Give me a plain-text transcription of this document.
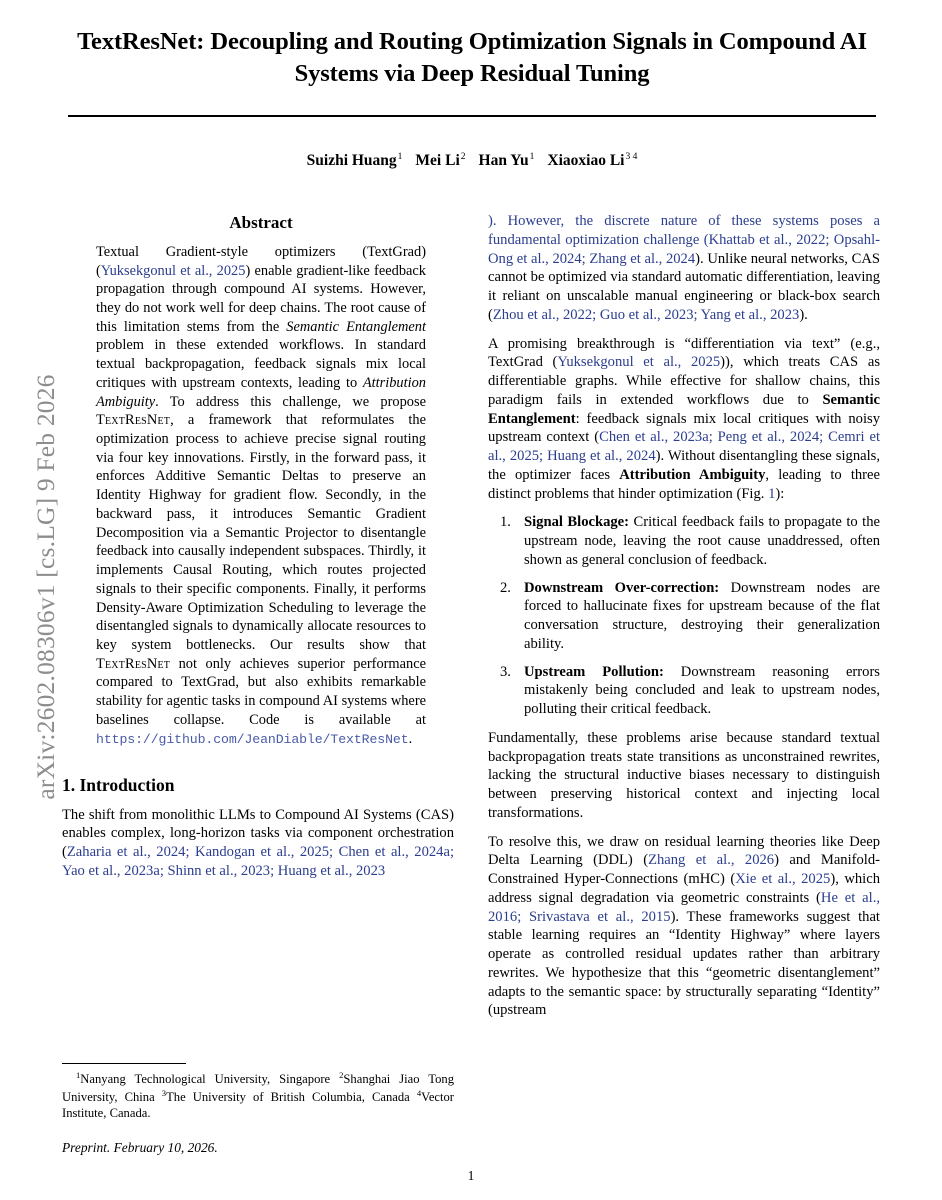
arXiv:2602.08306v1 [cs.LG] 9 Feb 2026
TextResNet: Decoupling and Routing Optimization Signals in Compound AI Systems via Deep Residual Tuning
Suizhi Huang$^1$ Mei Li$^2$ Han Yu$^1$ Xiaoxiao $Li^{3 4}$
Abstract

Textual Gradient-style optimizers (TextGrad) (Yuksekgonul et al., 2025) enable gradient-like feedback propagation through compound AI systems. However, they do not work well for deep chains. The root cause of this limitation stems from the Semantic Entanglement problem in these extended workflows. In standard textual backpropagation, feedback signals mix local critiques with upstream contexts, leading to Attribution Ambiguity. To address this challenge, we propose TextResNet, a framework that reformulates the optimization process to achieve precise signal routing via four key innovations. Firstly, in the forward pass, it enforces Additive Semantic Deltas to preserve an Identity Highway for gradient flow. Secondly, in the backward pass, it introduces Semantic Gradient Decomposition via a Semantic Projector to disentangle feedback into causally independent subspaces. Thirdly, it implements Causal Routing, which routes projected signals to their specific components. Finally, it performs Density-Aware Optimization Scheduling to leverage the disentangled signals to dynamically allocate resources to key system bottlenecks. Our results show that TextResNet not only achieves superior performance compared to TextGrad, but also exhibits remarkable stability for agentic tasks in compound AI systems where baselines collapse. Code is available at https://github.com/JeanDiable/TextResNet.

1. Introduction

The shift from monolithic LLMs to Compound AI Systems (CAS) enables complex, long-horizon tasks via component orchestration (Zaharia et al., 2024; Kandogan et al., 2025; Chen et al., 2024a; Yao et al., 2023a; Shinn et al., 2023; Huang et al., 2023

). However, the discrete nature of these systems poses a fundamental optimization challenge (Khattab et al., 2022; Opsahl-Ong et al., 2024; Zhang et al., 2024). Unlike neural networks, CAS cannot be optimized via standard automatic differentiation, leaving it reliant on unscalable manual engineering or black-box search (Zhou et al., 2022; Guo et al., 2023; Yang et al., 2023).

A promising breakthrough is “differentiation via text” (e.g., TextGrad (Yuksekgonul et al., 2025)), which treats CAS as differentiable graphs. While effective for shallow chains, this paradigm fails in extended workflows due to Semantic Entanglement: feedback signals mix local critiques with noisy upstream context (Chen et al., 2023a; Peng et al., 2024; Cemri et al., 2025; Huang et al., 2024). Without disentangling these signals, the optimizer faces Attribution Ambiguity, leading to three distinct problems that hinder optimization (Fig. 1):

Signal Blockage: Critical feedback fails to propagate to the upstream node, leaving the root cause unaddressed, often shown as general conclusion of feedback.
Downstream Over-correction: Downstream nodes are forced to hallucinate fixes for upstream because of the flat conversation structure, destroying their generalization ability.
Upstream Pollution: Downstream reasoning errors mistakenly being concluded and leak to upstream nodes, polluting their critical feedback.

Fundamentally, these problems arise because standard textual backpropagation treats state transitions as unconstrained rewrites, lacking the structural inductive biases necessary to distinguish between preserving historical context and injecting local transformations.

To resolve this, we draw on residual learning theories like Deep Delta Learning (DDL) (Zhang et al., 2026) and Manifold-Constrained Hyper-Connections (mHC) (Xie et al., 2025), which address signal degradation via geometric constraints (He et al., 2016; Srivastava et al., 2015). These frameworks suggest that stable learning requires an “Identity Highway” where layers operate as controlled residual updates rather than arbitrary rewrites. We hypothesize that this “geometric disentanglement” adapts to the semantic space: by structurally separating “Identity” (upstream

$^1$Nanyang Technological University, Singapore $^2$Shanghai Jiao Tong University, China $^3$The University of British Columbia, Canada $^4$Vector Institute, Canada.
Preprint. February 10, 2026.
1
